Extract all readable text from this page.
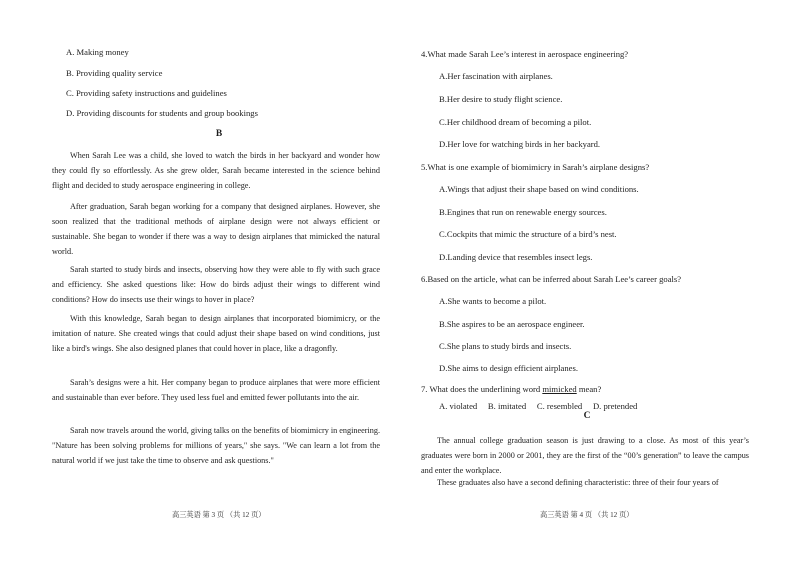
A. Making money
B. Providing quality service
C. Providing safety instructions and guidelines
D. Providing discounts for students and group bookings
B
When Sarah Lee was a child, she loved to watch the birds in her backyard and wonder how they could fly so effortlessly. As she grew older, Sarah became interested in the science behind flight and decided to study aerospace engineering in college.
After graduation, Sarah began working for a company that designed airplanes. However, she soon realized that the traditional methods of airplane design were not always efficient or sustainable. She began to wonder if there was a way to design airplanes that mimicked the natural world.
Sarah started to study birds and insects, observing how they were able to fly with such grace and efficiency. She asked questions like: How do birds adjust their wings to different wind conditions? How do insects use their wings to hover in place?
With this knowledge, Sarah began to design airplanes that incorporated biomimicry, or the imitation of nature. She created wings that could adjust their shape based on wind conditions, just like a bird's wings. She also designed planes that could hover in place, like a dragonfly.
Sarah’s designs were a hit. Her company began to produce airplanes that were more efficient and sustainable than ever before. They used less fuel and emitted fewer pollutants into the air.
Sarah now travels around the world, giving talks on the benefits of biomimicry in engineering. "Nature has been solving problems for millions of years," she says. "We can learn a lot from the natural world if we just take the time to observe and ask questions."
高三英语 第 3 页 （共 12 页）
4.What made Sarah Lee’s interest in aerospace engineering?
A.Her fascination with airplanes.
B.Her desire to study flight science.
C.Her childhood dream of becoming a pilot.
D.Her love for watching birds in her backyard.
5.What is one example of biomimicry in Sarah’s airplane designs?
A.Wings that adjust their shape based on wind conditions.
B.Engines that run on renewable energy sources.
C.Cockpits that mimic the structure of a bird’s nest.
D.Landing device that resembles insect legs.
6.Based on the article, what can be inferred about Sarah Lee’s career goals?
A.She wants to become a pilot.
B.She aspires to be an aerospace engineer.
C.She plans to study birds and insects.
D.She aims to design efficient airplanes.
7. What does the underlining word mimicked mean?
A. violated     B. imitated     C. resembled     D. pretended
C
The annual college graduation season is just drawing to a close. As most of this year’s graduates were born in 2000 or 2001, they are the first of the “00’s generation” to leave the campus and enter the workplace.
These graduates also have a second defining characteristic: three of their four years of
高三英语 第 4 页 （共 12 页）
